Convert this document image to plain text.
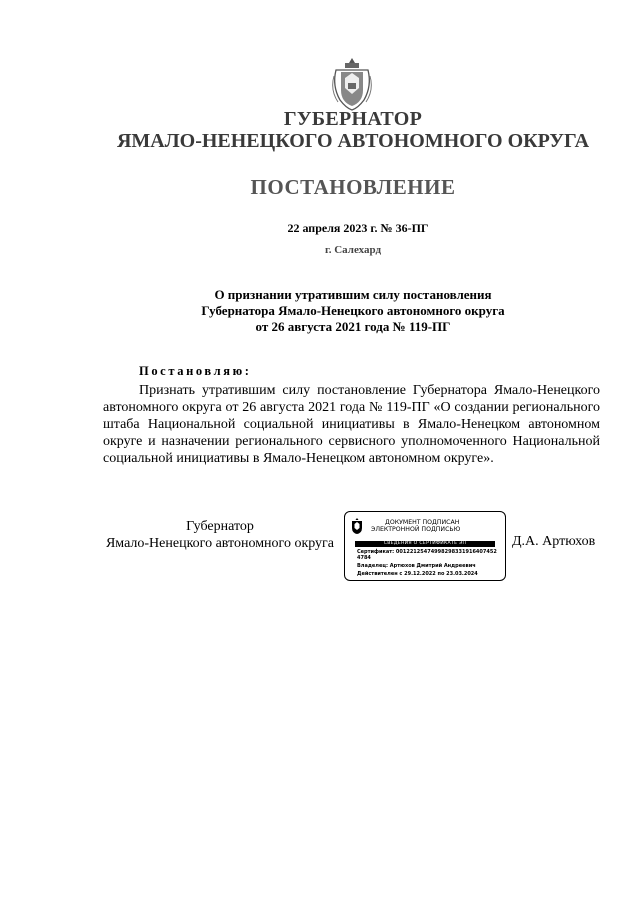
ГУБЕРНАТОР
ЯМАЛО-НЕНЕЦКОГО АВТОНОМНОГО ОКРУГА
ПОСТАНОВЛЕНИЕ
22 апреля 2023 г. № 36-ПГ
г. Салехард
О признании утратившим силу постановления
Губернатора Ямало-Ненецкого автономного округа
от 26 августа 2021 года № 119-ПГ
Постановляю:

Признать утратившим силу постановление Губернатора Ямало-Ненецкого автономного округа от 26 августа 2021 года № 119-ПГ «О создании регионального штаба Национальной социальной инициативы в Ямало-Ненецком автономном округе и назначении регионального сервисного уполномоченного Национальной социальной инициативы в Ямало-Ненецком автономном округе».

Губернатор
Ямало-Ненецкого автономного округа
ДОКУМЕНТ ПОДПИСАН
ЭЛЕКТРОННОЙ ПОДПИСЬЮ
СВЕДЕНИЯ О СЕРТИФИКАТЕ ЭП
Сертификат: 00122125474998298331916407452
4784
Владелец: Артюхов Дмитрий Андреевич
Действителен с 29.12.2022 по 23.03.2024
Д.А. Артюхов
